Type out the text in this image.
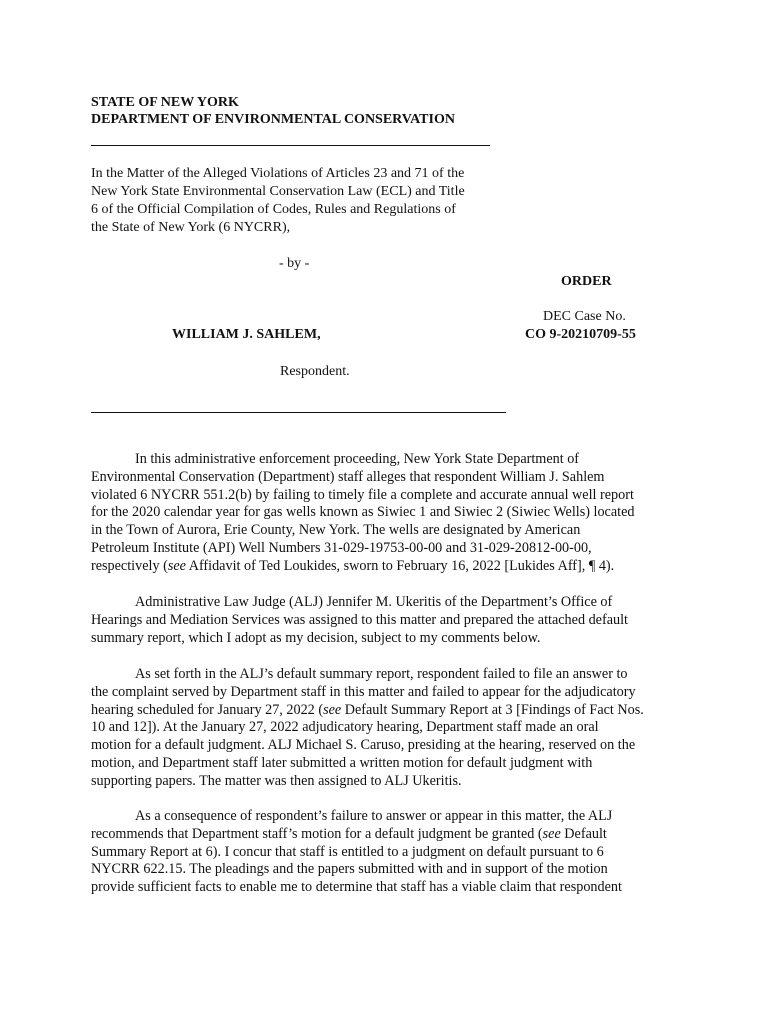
STATE OF NEW YORK
DEPARTMENT OF ENVIRONMENTAL CONSERVATION
In the Matter of the Alleged Violations of Articles 23 and 71 of the
New York State Environmental Conservation Law (ECL) and Title
6 of the Official Compilation of Codes, Rules and Regulations of
the State of New York (6 NYCRR),
- by -
WILLIAM J. SAHLEM,
Respondent.
ORDER
DEC Case No.
CO 9-20210709-55
In this administrative enforcement proceeding, New York State Department of
Environmental Conservation (Department) staff alleges that respondent William J. Sahlem
violated 6 NYCRR 551.2(b) by failing to timely file a complete and accurate annual well report
for the 2020 calendar year for gas wells known as Siwiec 1 and Siwiec 2 (Siwiec Wells) located
in the Town of Aurora, Erie County, New York. The wells are designated by American
Petroleum Institute (API) Well Numbers 31-029-19753-00-00 and 31-029-20812-00-00,
respectively (see Affidavit of Ted Loukides, sworn to February 16, 2022 [Lukides Aff], ¶ 4).
Administrative Law Judge (ALJ) Jennifer M. Ukeritis of the Department’s Office of
Hearings and Mediation Services was assigned to this matter and prepared the attached default
summary report, which I adopt as my decision, subject to my comments below.
As set forth in the ALJ’s default summary report, respondent failed to file an answer to
the complaint served by Department staff in this matter and failed to appear for the adjudicatory
hearing scheduled for January 27, 2022 (see Default Summary Report at 3 [Findings of Fact Nos.
10 and 12]). At the January 27, 2022 adjudicatory hearing, Department staff made an oral
motion for a default judgment. ALJ Michael S. Caruso, presiding at the hearing, reserved on the
motion, and Department staff later submitted a written motion for default judgment with
supporting papers. The matter was then assigned to ALJ Ukeritis.
As a consequence of respondent’s failure to answer or appear in this matter, the ALJ
recommends that Department staff’s motion for a default judgment be granted (see Default
Summary Report at 6). I concur that staff is entitled to a judgment on default pursuant to 6
NYCRR 622.15. The pleadings and the papers submitted with and in support of the motion
provide sufficient facts to enable me to determine that staff has a viable claim that respondent
